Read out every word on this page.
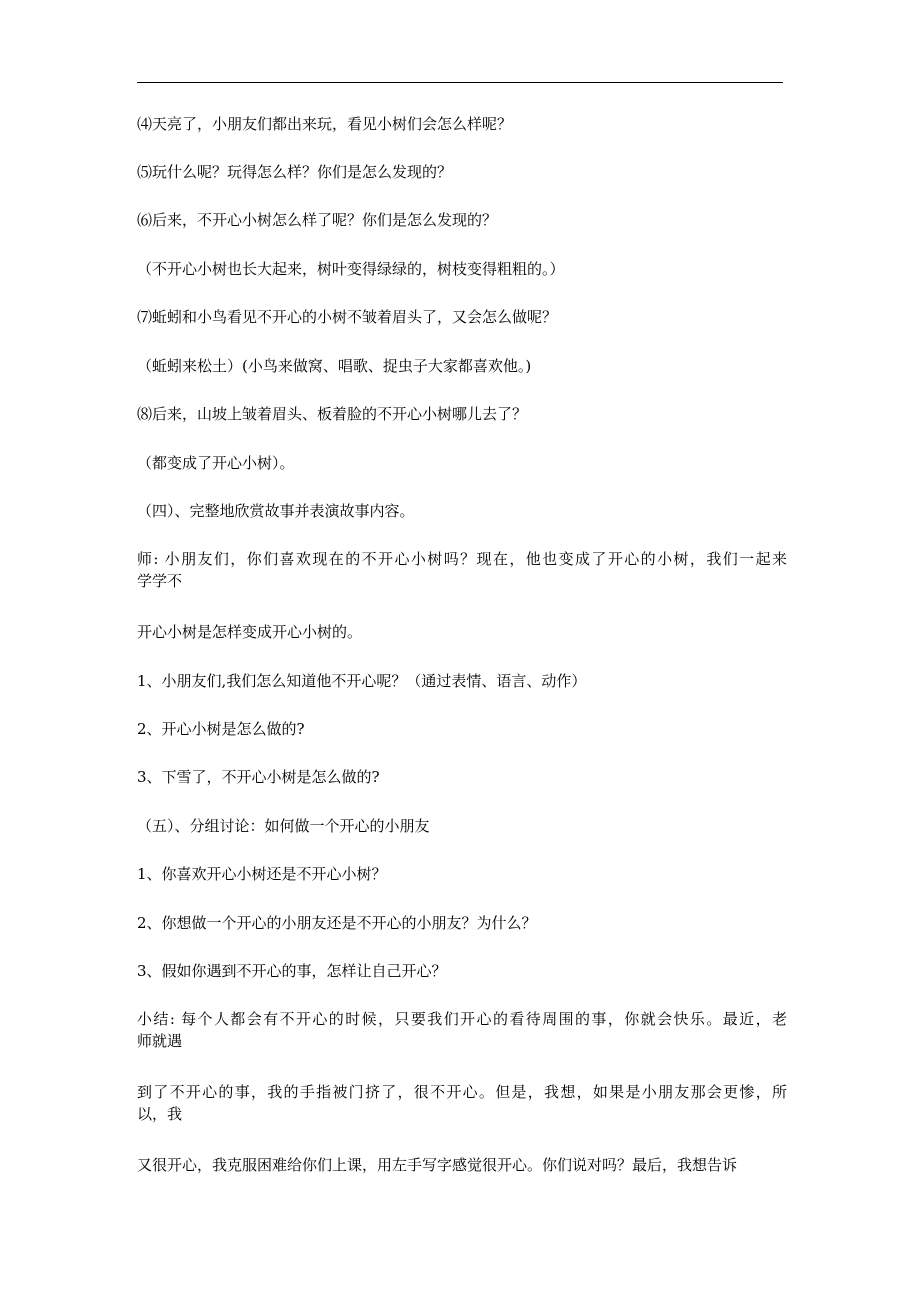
⑷天亮了，小朋友们都出来玩，看见小树们会怎么样呢？
⑸玩什么呢？玩得怎么样？你们是怎么发现的？
⑹后来，不开心小树怎么样了呢？你们是怎么发现的？
（不开心小树也长大起来，树叶变得绿绿的，树枝变得粗粗的。）
⑺蚯蚓和小鸟看见不开心的小树不皱着眉头了，又会怎么做呢？
（蚯蚓来松土）(小鸟来做窝、唱歌、捉虫子大家都喜欢他。)
⑻后来，山坡上皱着眉头、板着脸的不开心小树哪儿去了？
（都变成了开心小树）。
（四）、完整地欣赏故事并表演故事内容。
师: 小朋友们，你们喜欢现在的不开心小树吗？现在，他也变成了开心的小树，我们一起来
学学不
开心小树是怎样变成开心小树的。
1、小朋友们,我们怎么知道他不开心呢？（通过表情、语言、动作）
2、开心小树是怎么做的?
3、下雪了，不开心小树是怎么做的?
（五）、分组讨论：如何做一个开心的小朋友
1、你喜欢开心小树还是不开心小树？
2、你想做一个开心的小朋友还是不开心的小朋友？为什么？
3、假如你遇到不开心的事，怎样让自己开心？
小结: 每个人都会有不开心的时候，只要我们开心的看待周围的事，你就会快乐。最近，老
师就遇
到了不开心的事，我的手指被门挤了，很不开心。但是，我想，如果是小朋友那会更惨，所
以，我
又很开心，我克服困难给你们上课，用左手写字感觉很开心。你们说对吗？最后，我想告诉
